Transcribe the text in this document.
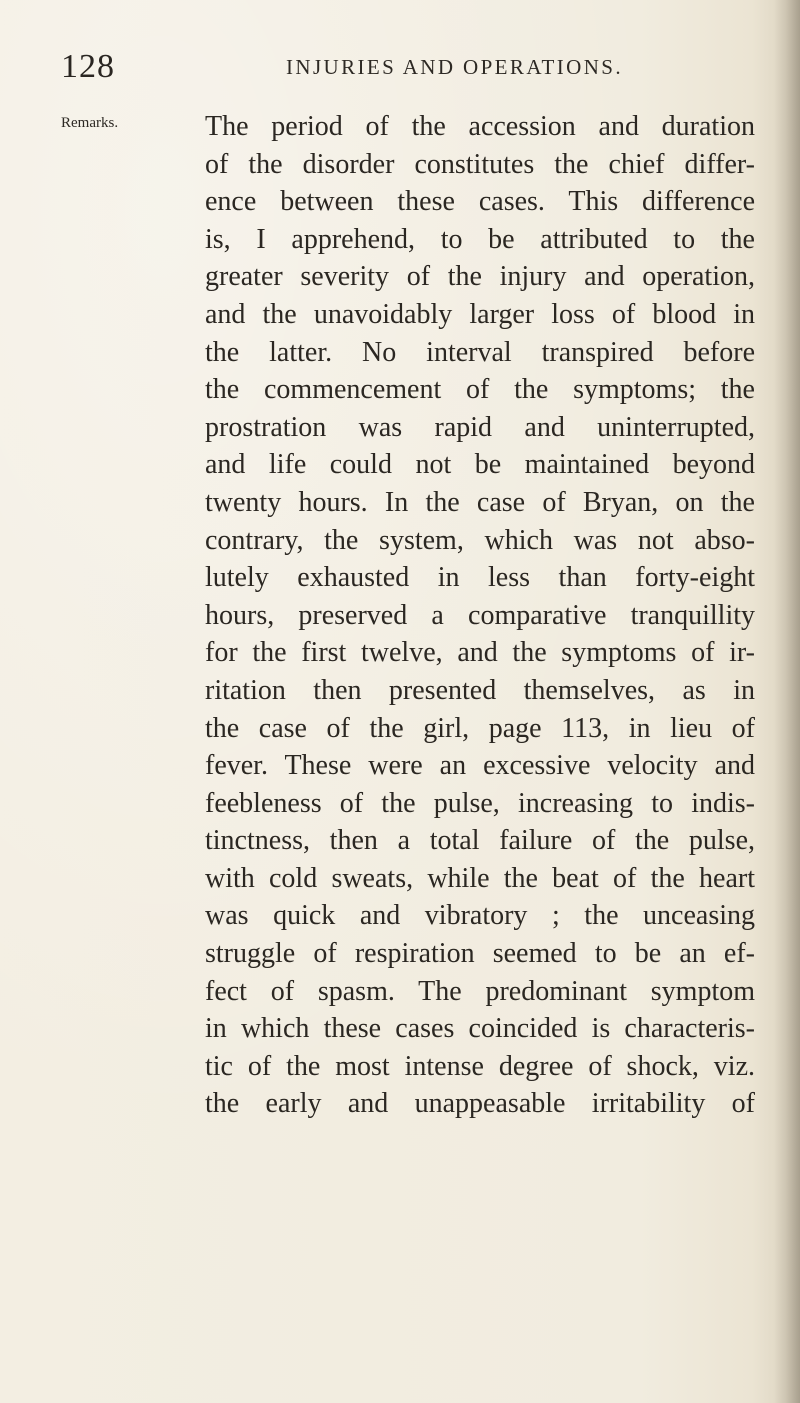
128	INJURIES AND OPERATIONS.
Remarks.	The period of the accession and duration
of the disorder constitutes the chief differ-
ence between these cases. This difference
is, I apprehend, to be attributed to the
greater severity of the injury and operation,
and the unavoidably larger loss of blood in
the latter. No interval transpired before
the commencement of the symptoms; the
prostration was rapid and uninterrupted,
and life could not be maintained beyond
twenty hours. In the case of Bryan, on the
contrary, the system, which was not abso-
lutely exhausted in less than forty-eight
hours, preserved a comparative tranquillity
for the first twelve, and the symptoms of ir-
ritation then presented themselves, as in
the case of the girl, page 113, in lieu of
fever. These were an excessive velocity and
feebleness of the pulse, increasing to indis-
tinctness, then a total failure of the pulse,
with cold sweats, while the beat of the heart
was quick and vibratory ; the unceasing
struggle of respiration seemed to be an ef-
fect of spasm. The predominant symptom
in which these cases coincided is characteris-
tic of the most intense degree of shock, viz.
the early and unappeasable irritability of
